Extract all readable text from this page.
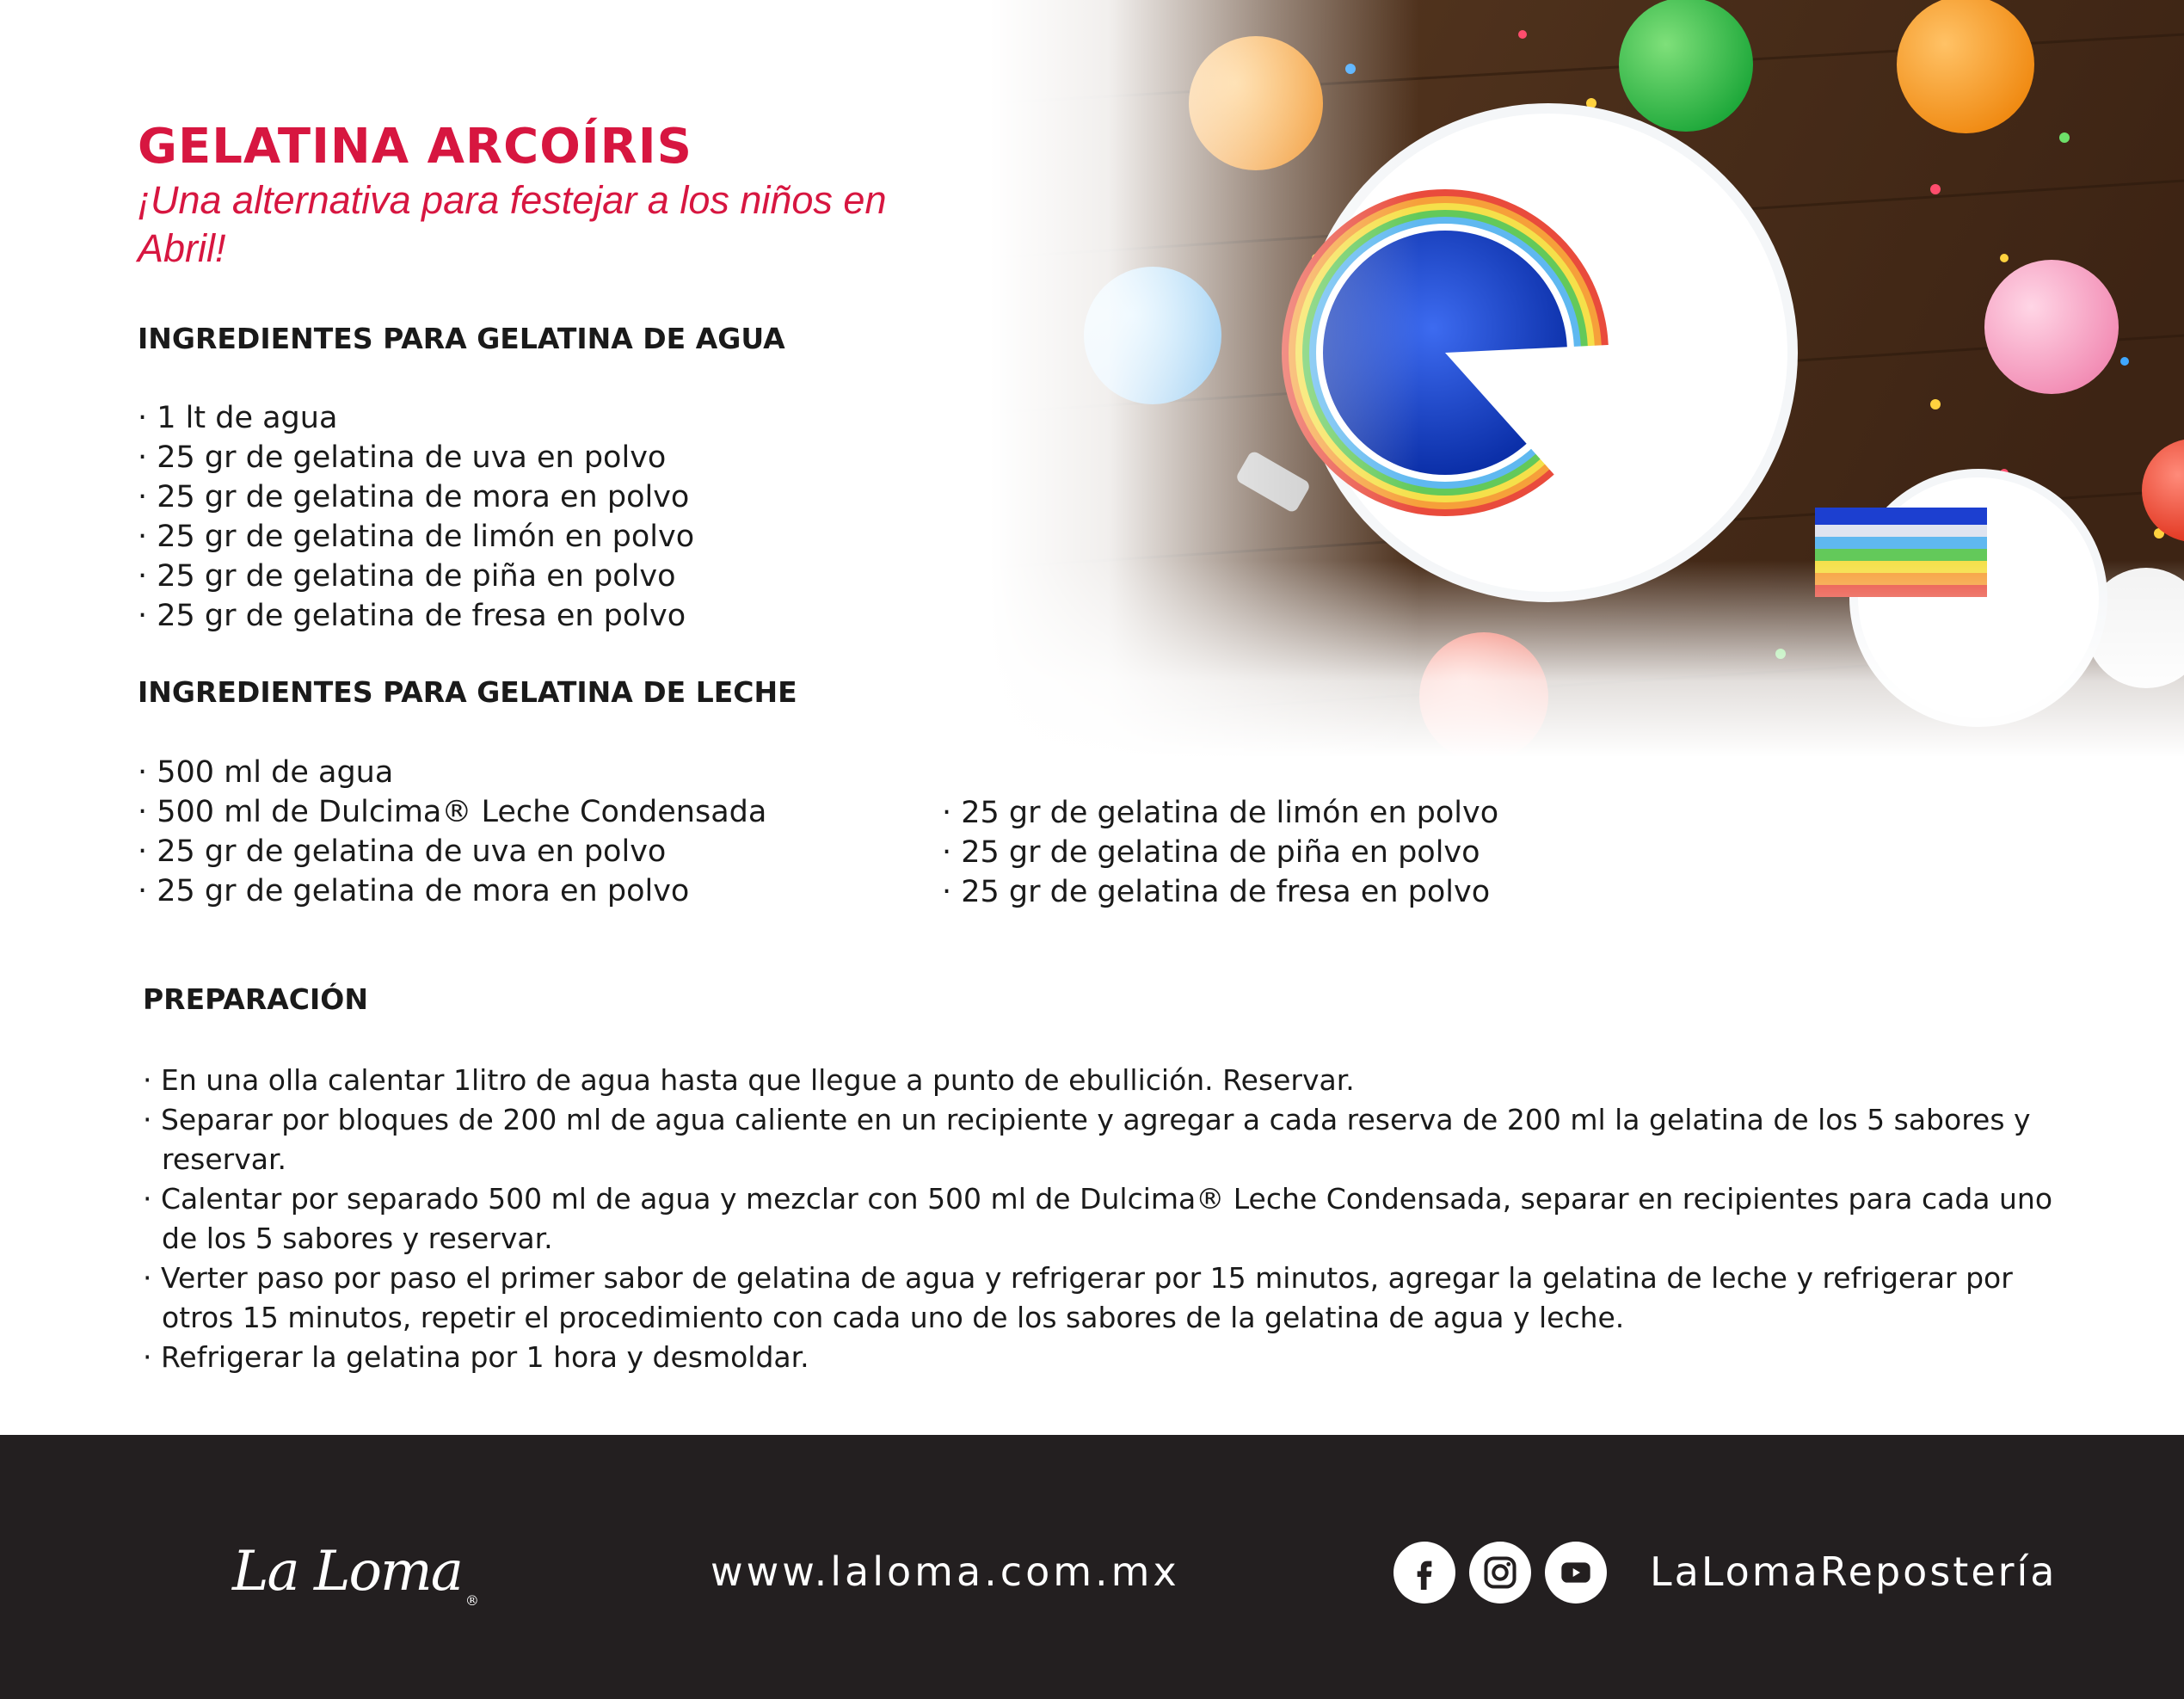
GELATINA ARCOÍRIS
¡Una alternativa para festejar a los niños en Abril!
INGREDIENTES PARA GELATINA DE AGUA
· 1 lt de agua
· 25 gr de gelatina de uva en polvo
· 25 gr de gelatina de mora en polvo
· 25 gr de gelatina de limón en polvo
· 25 gr de gelatina de piña en polvo
· 25 gr de gelatina de fresa en polvo
INGREDIENTES PARA GELATINA DE LECHE
· 500 ml de agua
· 500 ml de Dulcima® Leche Condensada
· 25 gr de gelatina de uva en polvo
· 25 gr de gelatina de mora en polvo
· 25 gr de gelatina de limón en polvo
· 25 gr de gelatina de piña en polvo
· 25 gr de gelatina de fresa en polvo
PREPARACIÓN
· En una olla calentar 1litro de agua hasta que llegue a punto de ebullición. Reservar.
· Separar por bloques de 200 ml de agua caliente en un recipiente y agregar a cada reserva de 200 ml la gelatina de los 5 sabores y reservar.
· Calentar por separado 500 ml de agua y mezclar con 500 ml de Dulcima® Leche Condensada, separar en recipientes para cada uno de los 5 sabores y reservar.
· Verter paso por paso el primer sabor de gelatina de agua y refrigerar por 15 minutos, agregar la gelatina de leche y refrigerar por otros 15 minutos, repetir el procedimiento con cada uno de los sabores de la gelatina de agua y leche.
· Refrigerar la gelatina por 1 hora y desmoldar.
La Loma ®
www.laloma.com.mx	LaLomaRepostería
